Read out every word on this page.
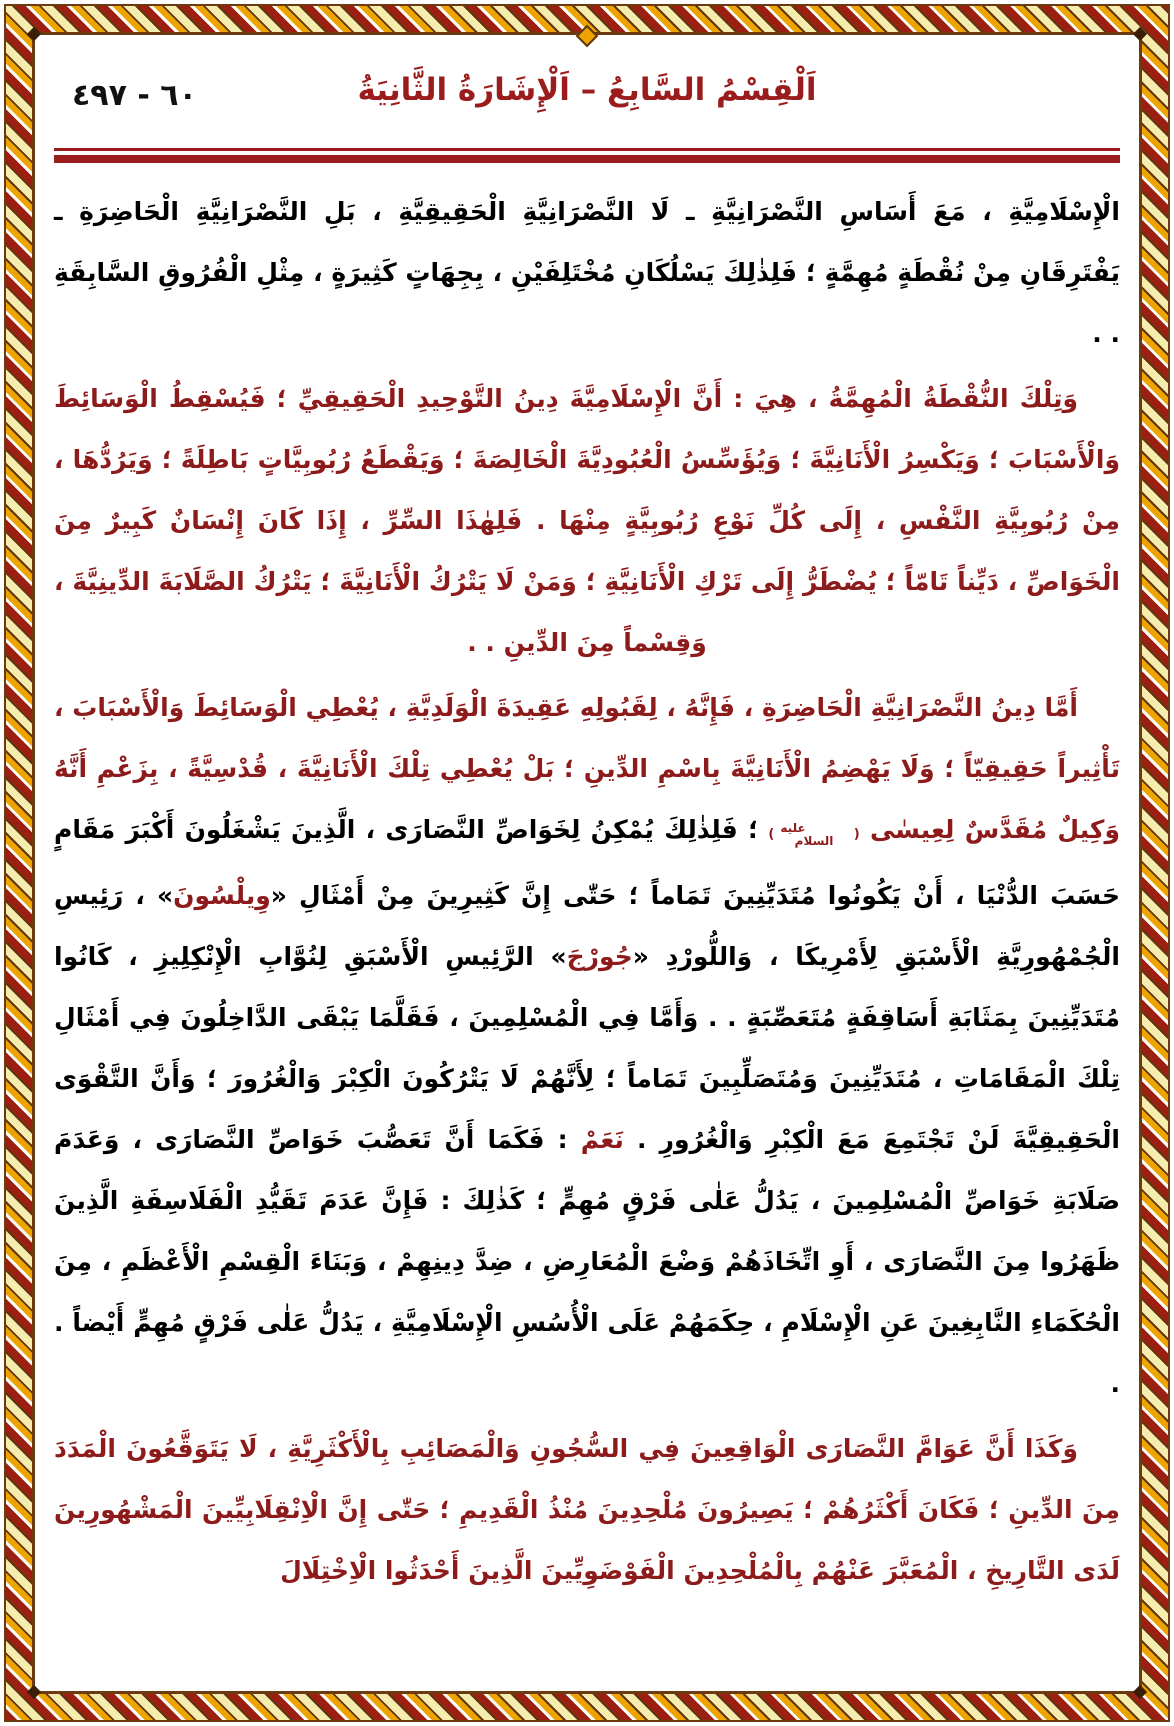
٦٠ - ٤٩٧	اَلْقِسْمُ السَّابِعُ – اَلْإِشَارَةُ الثَّانِيَةُ

الْإِسْلَامِيَّةِ ، مَعَ أَسَاسِ النَّصْرَانِيَّةِ ـ لَا النَّصْرَانِيَّةِ الْحَقِيقِيَّةِ ، بَلِ النَّصْرَانِيَّةِ الْحَاضِرَةِ ـ يَفْتَرِقَانِ مِنْ نُقْطَةٍ مُهِمَّةٍ ؛ فَلِذٰلِكَ يَسْلُكَانِ مُخْتَلِفَيْنِ ، بِجِهَاتٍ كَثِيرَةٍ ، مِثْلِ الْفُرُوقِ السَّابِقَةِ . .

وَتِلْكَ النُّقْطَةُ الْمُهِمَّةُ ، هِيَ : أَنَّ الْإِسْلَامِيَّةَ دِينُ التَّوْحِيدِ الْحَقِيقِيِّ ؛ فَيُسْقِطُ الْوَسَائِطَ وَالْأَسْبَابَ ؛ وَيَكْسِرُ الْأَنَانِيَّةَ ؛ وَيُؤَسِّسُ الْعُبُودِيَّةَ الْخَالِصَةَ ؛ وَيَقْطَعُ رُبُوبِيَّاتٍ بَاطِلَةً ؛ وَيَرُدُّهَا ، مِنْ رُبُوبِيَّةِ النَّفْسِ ، إِلَى كُلِّ نَوْعِ رُبُوبِيَّةٍ مِنْهَا . فَلِهٰذَا السِّرِّ ، إِذَا كَانَ إِنْسَانٌ كَبِيرٌ مِنَ الْخَوَاصِّ ، دَيِّناً تَامّاً ؛ يُضْطَرُّ إِلَى تَرْكِ الْأَنَانِيَّةِ ؛ وَمَنْ لَا يَتْرُكُ الْأَنَانِيَّةَ ؛ يَتْرُكُ الصَّلَابَةَ الدِّينِيَّةَ ، وَقِسْماً مِنَ الدِّينِ . .

أَمَّا دِينُ النَّصْرَانِيَّةِ الْحَاضِرَةِ ، فَإِنَّهُ ، لِقَبُولِهِ عَقِيدَةَ الْوَلَدِيَّةِ ، يُعْطِي الْوَسَائِطَ وَالْأَسْبَابَ ، تَأْثِيراً حَقِيقِيّاً ؛ وَلَا يَهْضِمُ الْأَنَانِيَّةَ بِاسْمِ الدِّينِ ؛ بَلْ يُعْطِي تِلْكَ الْأَنَانِيَّةَ ، قُدْسِيَّةً ، بِزَعْمِ أَنَّهُ وَكِيلٌ مُقَدَّسٌ لِعِيسٰى ( عليه
السلام ) ؛ فَلِذٰلِكَ يُمْكِنُ لِخَوَاصِّ النَّصَارَى ، الَّذِينَ يَشْغَلُونَ أَكْبَرَ مَقَامٍ حَسَبَ الدُّنْيَا ، أَنْ يَكُونُوا مُتَدَيِّنِينَ تَمَاماً ؛ حَتّٰى إِنَّ كَثِيرِينَ مِنْ أَمْثَالِ «وِيلْسُونَ» ، رَئِيسِ الْجُمْهُورِيَّةِ الْأَسْبَقِ لِأَمْرِيكَا ، وَاللُّورْدِ «جُورْجَ» الرَّئِيسِ الْأَسْبَقِ لِنُوَّابِ الْإِنْكِلِيزِ ، كَانُوا مُتَدَيِّنِينَ بِمَثَابَةِ أَسَاقِفَةٍ مُتَعَصِّبَةٍ . . وَأَمَّا فِي الْمُسْلِمِينَ ، فَقَلَّمَا يَبْقَى الدَّاخِلُونَ فِي أَمْثَالِ تِلْكَ الْمَقَامَاتِ ، مُتَدَيِّنِينَ وَمُتَصَلِّبِينَ تَمَاماً ؛ لِأَنَّهُمْ لَا يَتْرُكُونَ الْكِبْرَ وَالْغُرُورَ ؛ وَأَنَّ التَّقْوَى الْحَقِيقِيَّةَ لَنْ تَجْتَمِعَ مَعَ الْكِبْرِ وَالْغُرُورِ . نَعَمْ : فَكَمَا أَنَّ تَعَصُّبَ خَوَاصِّ النَّصَارَى ، وَعَدَمَ صَلَابَةِ خَوَاصِّ الْمُسْلِمِينَ ، يَدُلُّ عَلٰى فَرْقٍ مُهِمٍّ ؛ كَذٰلِكَ : فَإِنَّ عَدَمَ تَقَيُّدِ الْفَلَاسِفَةِ الَّذِينَ ظَهَرُوا مِنَ النَّصَارَى ، أَوِ اتِّخَاذَهُمْ وَضْعَ الْمُعَارِضِ ، ضِدَّ دِينِهِمْ ، وَبَنَاءَ الْقِسْمِ الْأَعْظَمِ ، مِنَ الْحُكَمَاءِ النَّابِغِينَ عَنِ الْإِسْلَامِ ، حِكَمَهُمْ عَلَى الْأُسُسِ الْإِسْلَامِيَّةِ ، يَدُلُّ عَلٰى فَرْقٍ مُهِمٍّ أَيْضاً . .

وَكَذَا أَنَّ عَوَامَّ النَّصَارَى الْوَاقِعِينَ فِي السُّجُونِ وَالْمَصَائِبِ بِالْأَكْثَرِيَّةِ ، لَا يَتَوَقَّعُونَ الْمَدَدَ مِنَ الدِّينِ ؛ فَكَانَ أَكْثَرُهُمْ ؛ يَصِيرُونَ مُلْحِدِينَ مُنْذُ الْقَدِيمِ ؛ حَتّٰى إِنَّ الْاِنْقِلَابِيِّينَ الْمَشْهُورِينَ لَدَى التَّارِيخِ ، الْمُعَبَّرَ عَنْهُمْ بِالْمُلْحِدِينَ الْفَوْضَوِيِّينَ الَّذِينَ أَحْدَثُوا الْاِخْتِلَالَ
